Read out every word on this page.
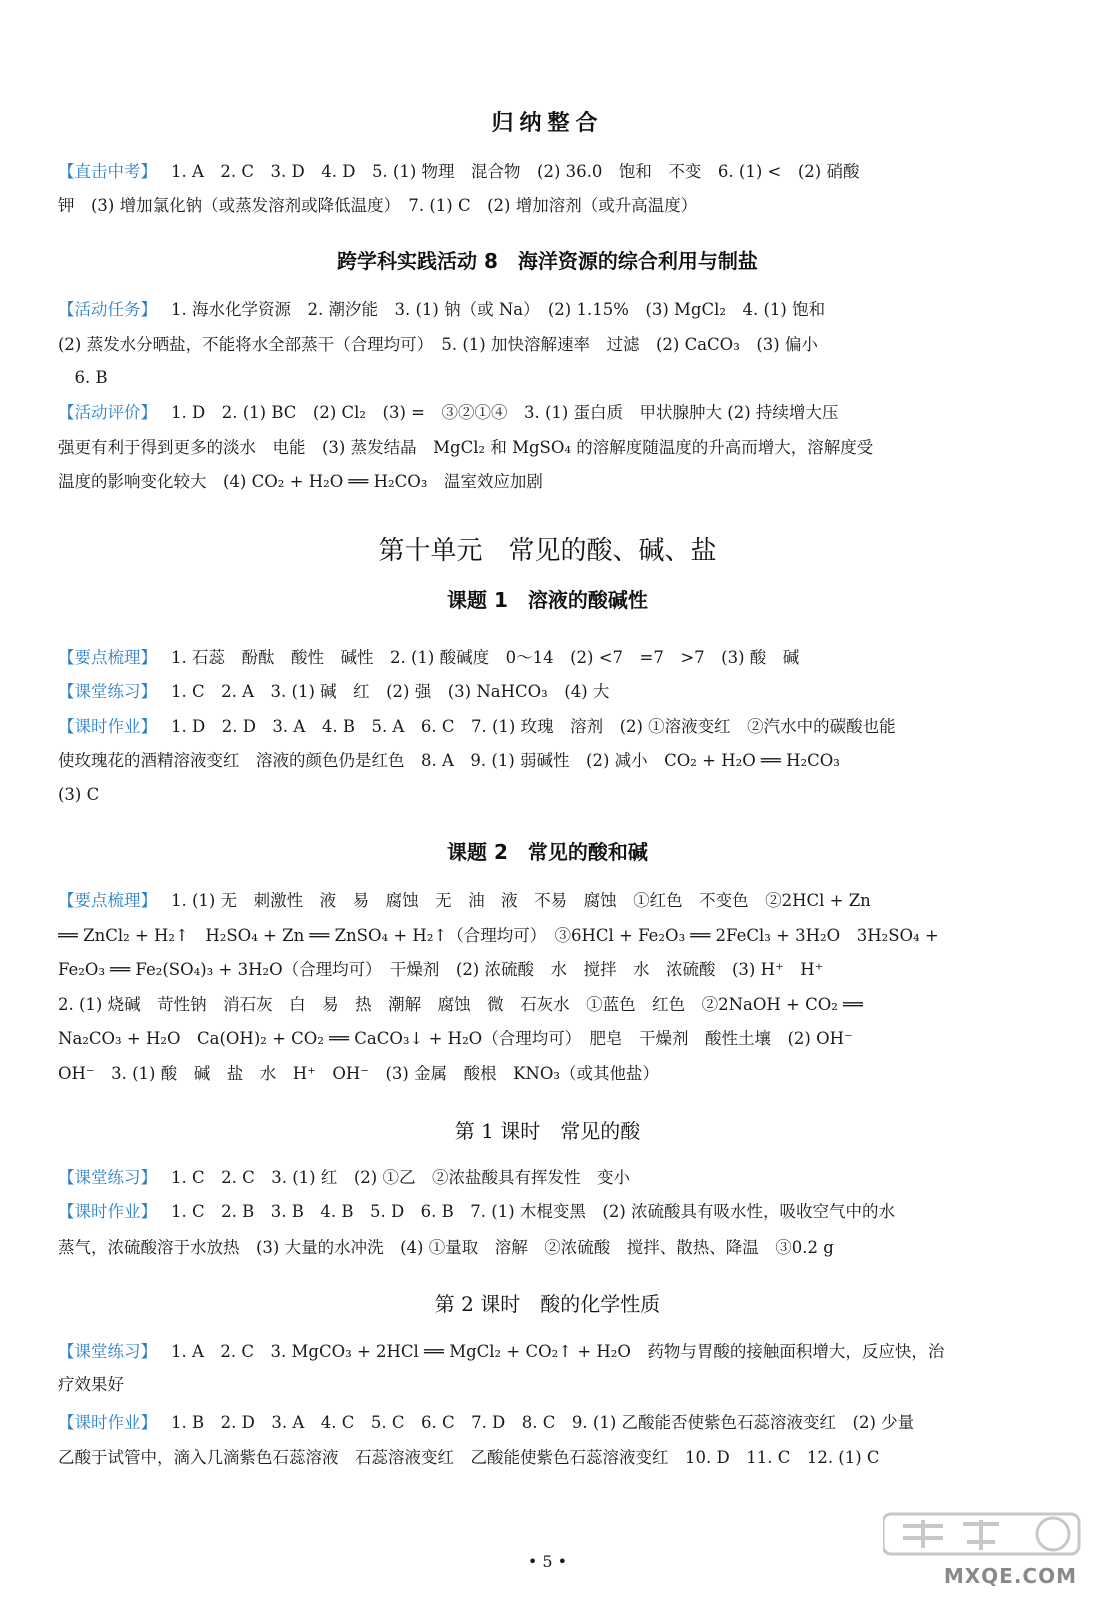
归纳整合
【直击中考】 1. A　2. C　3. D　4. D　5. (1) 物理　混合物　(2) 36.0　饱和　不变　6. (1) <　(2) 硝酸
钾　(3) 增加氯化钠（或蒸发溶剂或降低温度）　7. (1) C　(2) 增加溶剂（或升高温度）
跨学科实践活动 8　海洋资源的综合利用与制盐
【活动任务】 1. 海水化学资源　2. 潮汐能　3. (1) 钠（或 Na）　(2) 1.15%　(3) MgCl₂　4. (1) 饱和
(2) 蒸发水分晒盐，不能将水全部蒸干（合理均可）　5. (1) 加快溶解速率　过滤　(2) CaCO₃　(3) 偏小
　6. B
【活动评价】 1. D　2. (1) BC　(2) Cl₂　(3) =　③②①④　3. (1) 蛋白质　甲状腺肿大 (2) 持续增大压
强更有利于得到更多的淡水　电能　(3) 蒸发结晶　MgCl₂ 和 MgSO₄ 的溶解度随温度的升高而增大，溶解度受
温度的影响变化较大　(4) CO₂ + H₂O ══ H₂CO₃　温室效应加剧
第十单元　常见的酸、碱、盐
课题 1　溶液的酸碱性
【要点梳理】 1. 石蕊　酚酞　酸性　碱性　2. (1) 酸碱度　0～14　(2) <7　=7　>7　(3) 酸　碱
【课堂练习】 1. C　2. A　3. (1) 碱　红　(2) 强　(3) NaHCO₃　(4) 大
【课时作业】 1. D　2. D　3. A　4. B　5. A　6. C　7. (1) 玫瑰　溶剂　(2) ①溶液变红　②汽水中的碳酸也能
使玫瑰花的酒精溶液变红　溶液的颜色仍是红色　8. A　9. (1) 弱碱性　(2) 减小　CO₂ + H₂O ══ H₂CO₃
(3) C
课题 2　常见的酸和碱
【要点梳理】 1. (1) 无　刺激性　液　易　腐蚀　无　油　液　不易　腐蚀　①红色　不变色　②2HCl + Zn
══ ZnCl₂ + H₂↑　H₂SO₄ + Zn ══ ZnSO₄ + H₂↑（合理均可）　③6HCl + Fe₂O₃ ══ 2FeCl₃ + 3H₂O　3H₂SO₄ +
Fe₂O₃ ══ Fe₂(SO₄)₃ + 3H₂O（合理均可）　干燥剂　(2) 浓硫酸　水　搅拌　水　浓硫酸　(3) H⁺　H⁺
2. (1) 烧碱　苛性钠　消石灰　白　易　热　潮解　腐蚀　微　石灰水　①蓝色　红色　②2NaOH + CO₂ ══
Na₂CO₃ + H₂O　Ca(OH)₂ + CO₂ ══ CaCO₃↓ + H₂O（合理均可）　肥皂　干燥剂　酸性土壤　(2) OH⁻
OH⁻　3. (1) 酸　碱　盐　水　H⁺　OH⁻　(3) 金属　酸根　KNO₃（或其他盐）
第 1 课时　常见的酸
【课堂练习】 1. C　2. C　3. (1) 红　(2) ①乙　②浓盐酸具有挥发性　变小
【课时作业】 1. C　2. B　3. B　4. B　5. D　6. B　7. (1) 木棍变黑　(2) 浓硫酸具有吸水性，吸收空气中的水
蒸气，浓硫酸溶于水放热　(3) 大量的水冲洗　(4) ①量取　溶解　②浓硫酸　搅拌、散热、降温　③0.2 g
第 2 课时　酸的化学性质
【课堂练习】 1. A　2. C　3. MgCO₃ + 2HCl ══ MgCl₂ + CO₂↑ + H₂O　药物与胃酸的接触面积增大，反应快，治
疗效果好
【课时作业】 1. B　2. D　3. A　4. C　5. C　6. C　7. D　8. C　9. (1) 乙酸能否使紫色石蕊溶液变红　(2) 少量
乙酸于试管中，滴入几滴紫色石蕊溶液　石蕊溶液变红　乙酸能使紫色石蕊溶液变红　10. D　11. C　12. (1) C
• 5 •
MXQE.COM
